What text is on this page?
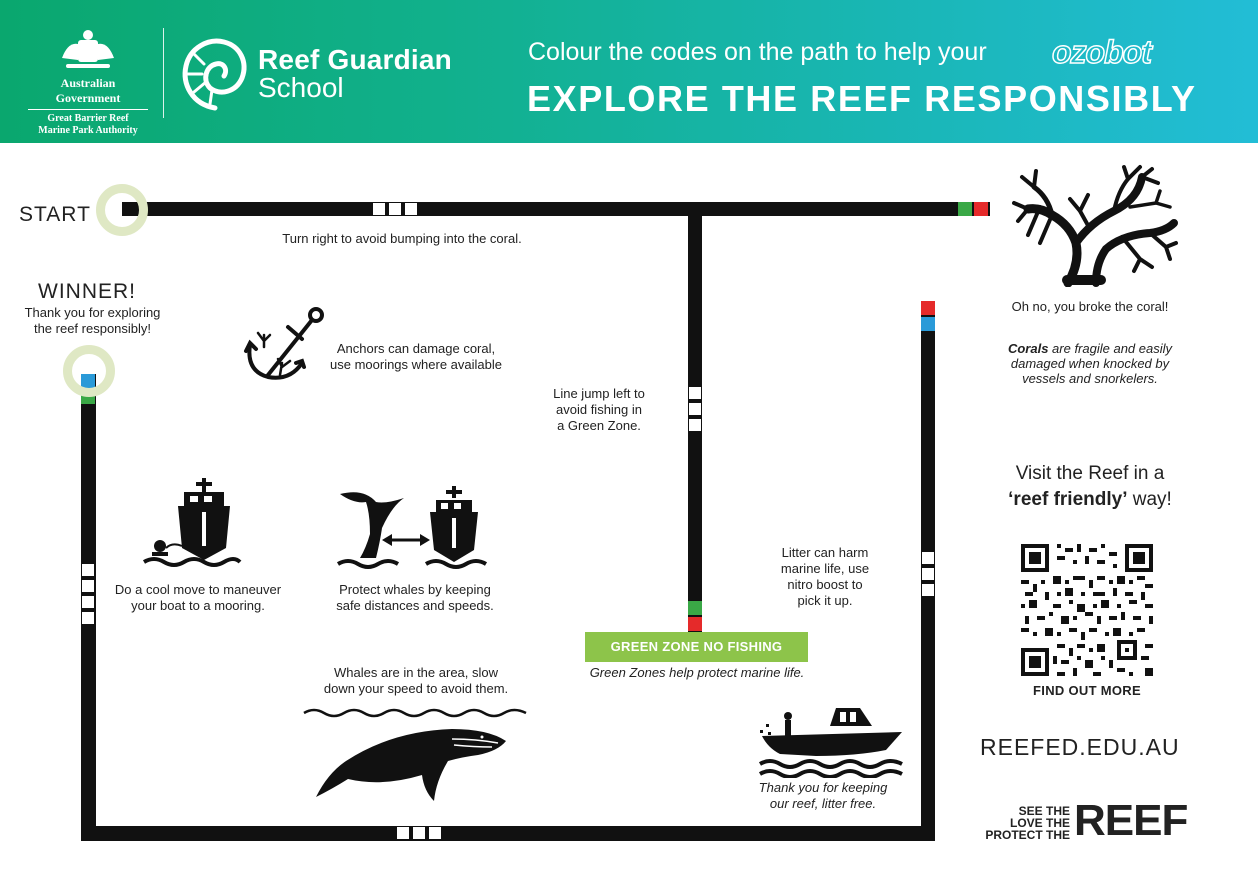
Australian Government
Great Barrier Reef
Marine Park Authority
Reef Guardian
School
Colour the codes on the path to help your ozobot
EXPLORE THE REEF RESPONSIBLY
START
WINNER!
Thank you for exploring
the reef responsibly!
Turn right to avoid bumping into the coral.
Anchors can damage coral,
use moorings where available
Line jump left to
avoid fishing in
a Green Zone.
Do a cool move to maneuver
your boat to a mooring.
Protect whales by keeping
safe distances and speeds.
Whales are in the area, slow
down your speed to avoid them.
Litter can harm
marine life, use
nitro boost to
pick it up.
GREEN ZONE NO FISHING
Green Zones help protect marine life.
Thank you for keeping
our reef, litter free.
Oh no, you broke the coral!
Corals are fragile and easily
damaged when knocked by
vessels and snorkelers.
Visit the Reef in a
‘reef friendly’ way!
FIND OUT MORE
REEFED.EDU.AU
SEE THE
LOVE THE
PROTECT THE REEF
